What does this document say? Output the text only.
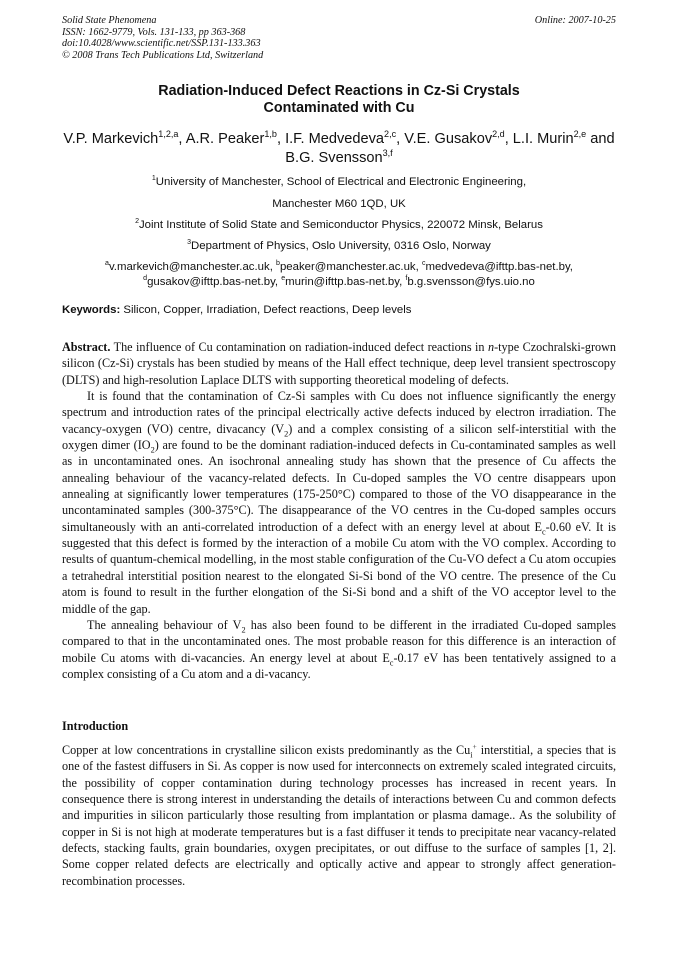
Solid State Phenomena
ISSN: 1662-9779, Vols. 131-133, pp 363-368
doi:10.4028/www.scientific.net/SSP.131-133.363
© 2008 Trans Tech Publications Ltd, Switzerland
Online: 2007-10-25
Radiation-Induced Defect Reactions in Cz-Si Crystals
Contaminated with Cu
V.P. Markevich$^{1,2,a}$, A.R. Peaker$^{1,b}$, I.F. Medvedeva$^{2,c}$, V.E. Gusakov$^{2,d}$, L.I. Murin$^{2,e}$ and B.G. Svensson$^{3,f}$
$^1$University of Manchester, School of Electrical and Electronic Engineering,
Manchester M60 1QD, UK
$^2$Joint Institute of Solid State and Semiconductor Physics, 220072 Minsk, Belarus
$^3$Department of Physics, Oslo University, 0316 Oslo, Norway
$^a$v.markevich@manchester.ac.uk, $^b$peaker@manchester.ac.uk, $^c$medvedeva@ifttp.bas-net.by,
$^d$gusakov@ifttp.bas-net.by, $^e$murin@ifttp.bas-net.by, $^f$b.g.svensson@fys.uio.no
Keywords: Silicon, Copper, Irradiation, Defect reactions, Deep levels

Abstract. The influence of Cu contamination on radiation-induced defect reactions in n-type Czochralski-grown silicon (Cz-Si) crystals has been studied by means of the Hall effect technique, deep level transient spectroscopy (DLTS) and high-resolution Laplace DLTS with supporting theoretical modeling of defects.

It is found that the contamination of Cz-Si samples with Cu does not influence significantly the energy spectrum and introduction rates of the principal electrically active defects induced by electron irradiation. The vacancy-oxygen (VO) centre, divacancy $(V_2)$ and a complex consisting of a silicon self-interstitial with the oxygen dimer $(IO_2)$ are found to be the dominant radiation-induced defects in Cu-contaminated samples as well as in uncontaminated ones. An isochronal annealing study has shown that the presence of Cu affects the annealing behaviour of the vacancy-related defects. In Cu-doped samples the VO centre disappears upon annealing at significantly lower temperatures (175-250°C) compared to those of the VO disappearance in the uncontaminated samples (300-375°C). The disappearance of the VO centres in the Cu-doped samples occurs simultaneously with an anti-correlated introduction of a defect with an energy level at about $E_c-0.60$ eV. It is suggested that this defect is formed by the interaction of a mobile Cu atom with the VO complex. According to results of quantum-chemical modelling, in the most stable configuration of the Cu-VO defect a Cu atom occupies a tetrahedral interstitial position nearest to the elongated Si-Si bond of the VO centre. The presence of the Cu atom is found to result in the further elongation of the Si-Si bond and a shift of the VO acceptor level to the middle of the gap.

The annealing behaviour of $V_2$ has also been found to be different in the irradiated Cu-doped samples compared to that in the uncontaminated ones. The most probable reason for this difference is an interaction of mobile Cu atoms with di-vacancies. An energy level at about $E_c-0.17$ eV has been tentatively assigned to a complex consisting of a Cu atom and a di-vacancy.

Introduction

Copper at low concentrations in crystalline silicon exists predominantly as the $Cu_i^+$ interstitial, a species that is one of the fastest diffusers in Si. As copper is now used for interconnects on extremely scaled integrated circuits, the possibility of copper contamination during technology processes has increased in recent years. In consequence there is strong interest in understanding the details of interactions between Cu and common defects and impurities in silicon particularly those resulting from implantation or plasma damage.. As the solubility of copper in Si is not high at moderate temperatures but is a fast diffuser it tends to precipitate near vacancy-related defects, stacking faults, grain boundaries, oxygen precipitates, or out diffuse to the surface of samples [1, 2]. Some copper related defects are electrically and optically active and appear to strongly affect generation-recombination processes.
